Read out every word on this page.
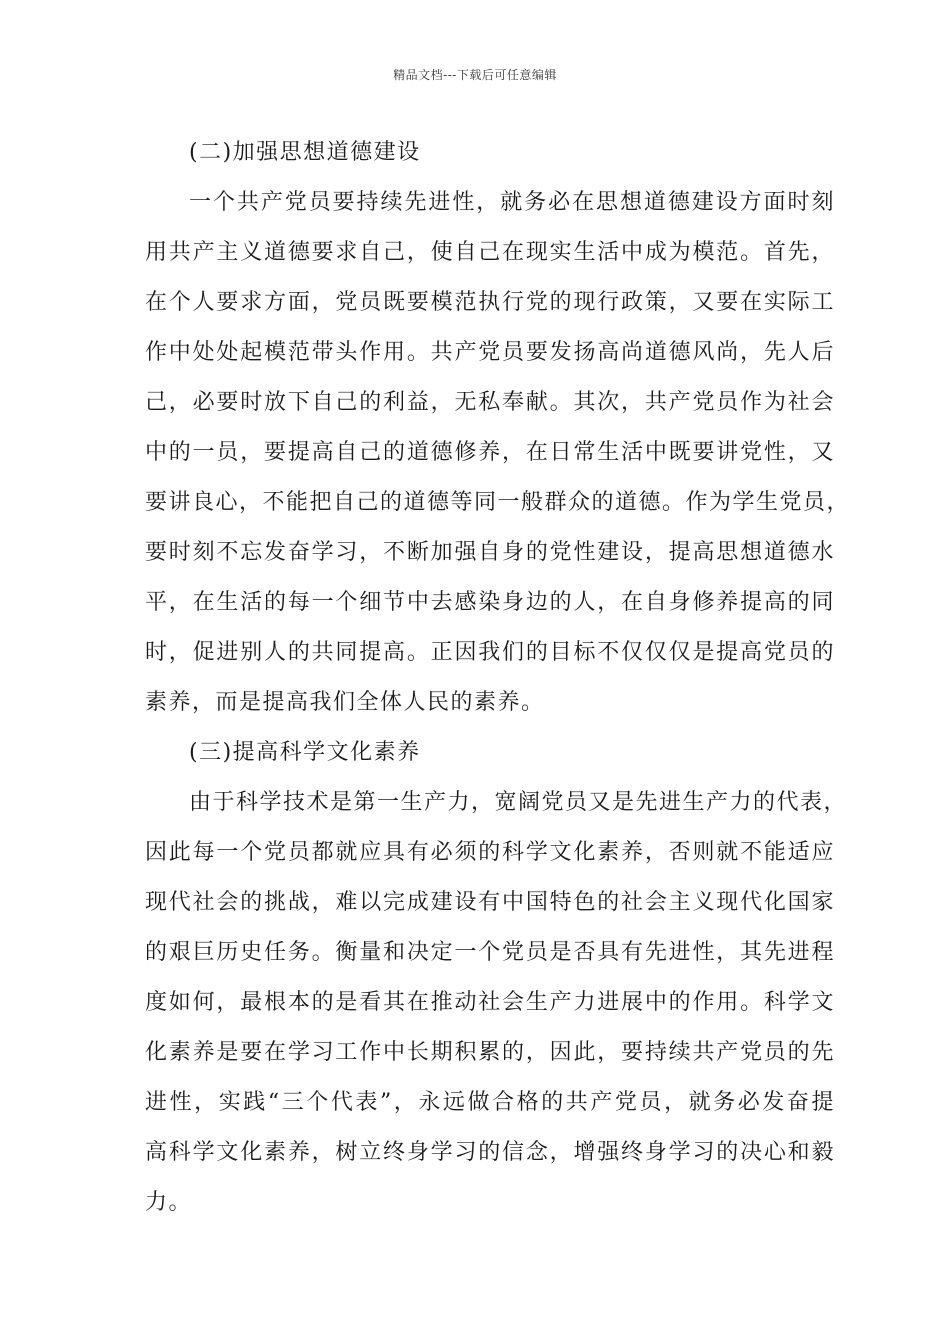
精品文档---下载后可任意编辑
(二)加强思想道德建设
一个共产党员要持续先进性，就务必在思想道德建设方面时刻
用共产主义道德要求自己，使自己在现实生活中成为模范。首先，
在个人要求方面，党员既要模范执行党的现行政策，又要在实际工
作中处处起模范带头作用。共产党员要发扬高尚道德风尚，先人后
己，必要时放下自己的利益，无私奉献。其次，共产党员作为社会
中的一员，要提高自己的道德修养，在日常生活中既要讲党性，又
要讲良心，不能把自己的道德等同一般群众的道德。作为学生党员，
要时刻不忘发奋学习，不断加强自身的党性建设，提高思想道德水
平，在生活的每一个细节中去感染身边的人，在自身修养提高的同
时，促进别人的共同提高。正因我们的目标不仅仅仅是提高党员的
素养，而是提高我们全体人民的素养。
(三)提高科学文化素养
由于科学技术是第一生产力，宽阔党员又是先进生产力的代表，
因此每一个党员都就应具有必须的科学文化素养，否则就不能适应
现代社会的挑战，难以完成建设有中国特色的社会主义现代化国家
的艰巨历史任务。衡量和决定一个党员是否具有先进性，其先进程
度如何，最根本的是看其在推动社会生产力进展中的作用。科学文
化素养是要在学习工作中长期积累的，因此，要持续共产党员的先
进性，实践“三个代表”，永远做合格的共产党员，就务必发奋提
高科学文化素养，树立终身学习的信念，增强终身学习的决心和毅
力。
